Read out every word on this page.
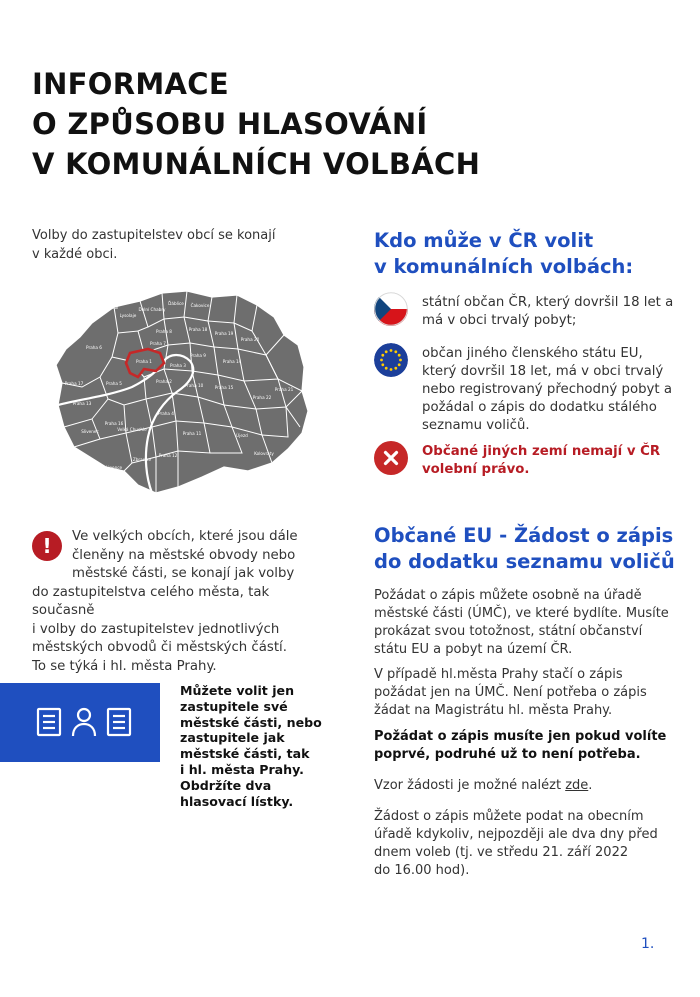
INFORMACE
O ZPŮSOBU HLASOVÁNÍ
V KOMUNÁLNÍCH VOLBÁCH
Volby do zastupitelstev obcí se konají
v každé obci.
Suchdol
Lysolaje
Dolní Chabry
Ďáblice Čakovice
Praha 6
Praha 8	Praha 18
Praha 19
Praha 20
Praha 9
Praha 14
Praha 1
Praha 7
Praha 3
Praha 10
Praha 5
Praha 4
Praha 13
Praha 15
Praha 11
Praha 12
Praha 17
Praha 16
Praha 22
Praha 21
Praha 2
Slivenec	Velká Chuchle
Zbraslav
Lipence
Kolovraty
Újezd
!	Ve velkých obcích, které jsou dále
členěny na městské obvody nebo
městské části, se konají jak volby
do zastupitelstva celého města, tak současně
i volby do zastupitelstev jednotlivých
městských obvodů či městských částí.
To se týká i hl. města Prahy.
Můžete volit jen
zastupitele své
městské části, nebo
zastupitele jak
městské části, tak
i hl. města Prahy.
Obdržíte dva
hlasovací lístky.
Kdo může v ČR volit
v komunálních volbách:
státní občan ČR, který dovršil 18 let a
má v obci trvalý pobyt;
občan jiného členského státu EU,
který dovršil 18 let, má v obci trvalý
nebo registrovaný přechodný pobyt a
požádal o zápis do dodatku stálého
seznamu voličů.
Občané jiných zemí nemají v ČR
volební právo.
Občané EU - Žádost o zápis
do dodatku seznamu voličů
Požádat o zápis můžete osobně na úřadě
městské části (ÚMČ), ve které bydlíte. Musíte
prokázat svou totožnost, státní občanství
státu EU a pobyt na území ČR.
V případě hl.města Prahy stačí o zápis
požádat jen na ÚMČ. Není potřeba o zápis
žádat na Magistrátu hl. města Prahy.
Požádat o zápis musíte jen pokud volíte
poprvé, podruhé už to není potřeba.
Vzor žádosti je možné nalézt zde.
Žádost o zápis můžete podat na obecním
úřadě kdykoliv, nejpozději ale dva dny před
dnem voleb (tj. ve středu 21. září 2022
do 16.00 hod).
1.
